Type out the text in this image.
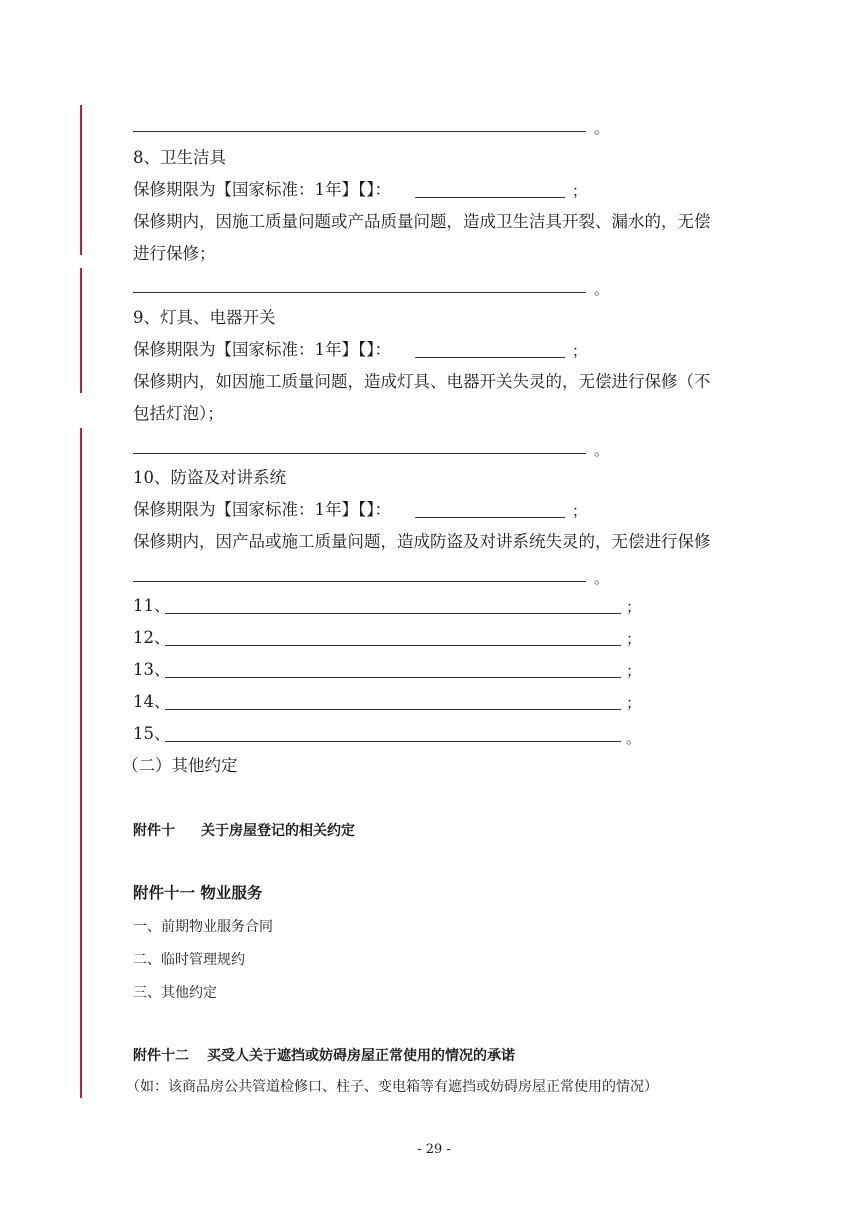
。
8、卫生洁具
保修期限为【国家标准：1年】【】：	；
保修期内，因施工质量问题或产品质量问题，造成卫生洁具开裂、漏水的，无偿
进行保修；
。
9、灯具、电器开关
保修期限为【国家标准：1年】【】：	；
保修期内，如因施工质量问题，造成灯具、电器开关失灵的，无偿进行保修（不
包括灯泡）；
。
10、防盗及对讲系统
保修期限为【国家标准：1年】【】：	；
保修期内，因产品或施工质量问题，造成防盗及对讲系统失灵的，无偿进行保修
。
11、	；
12、	；
13、	；
14、	；
15、	。
（二）其他约定
附件十 关于房屋登记的相关约定
附件十一 物业服务
一、前期物业服务合同
二、临时管理规约
三、其他约定
附件十二 买受人关于遮挡或妨碍房屋正常使用的情况的承诺
（如：该商品房公共管道检修口、柱子、变电箱等有遮挡或妨碍房屋正常使用的情况）
- 29 -
